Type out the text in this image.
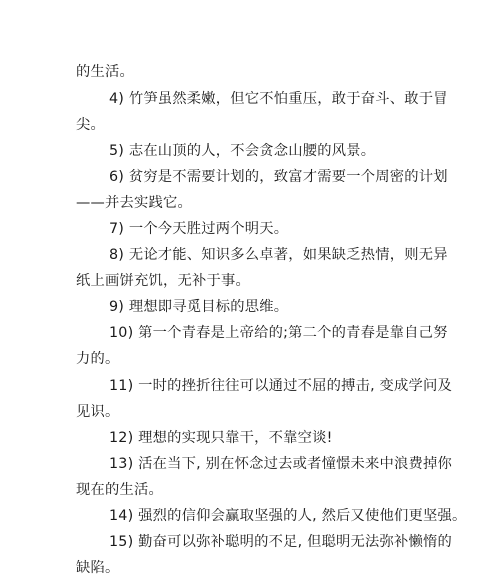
的生活。
4) 竹笋虽然柔嫩，但它不怕重压，敢于奋斗、敢于冒
尖。
5) 志在山顶的人，不会贪念山腰的风景。
6) 贫穷是不需要计划的，致富才需要一个周密的计划
——并去实践它。
7) 一个今天胜过两个明天。
8) 无论才能、知识多么卓著，如果缺乏热情，则无异
纸上画饼充饥，无补于事。
9) 理想即寻觅目标的思维。
10) 第一个青春是上帝给的;第二个的青春是靠自己努
力的。
11) 一时的挫折往往可以通过不屈的搏击, 变成学问及
见识。
12) 理想的实现只靠干，不靠空谈!
13) 活在当下, 别在怀念过去或者憧憬未来中浪费掉你
现在的生活。
14) 强烈的信仰会赢取坚强的人, 然后又使他们更坚强。
15) 勤奋可以弥补聪明的不足, 但聪明无法弥补懒惰的
缺陷。
